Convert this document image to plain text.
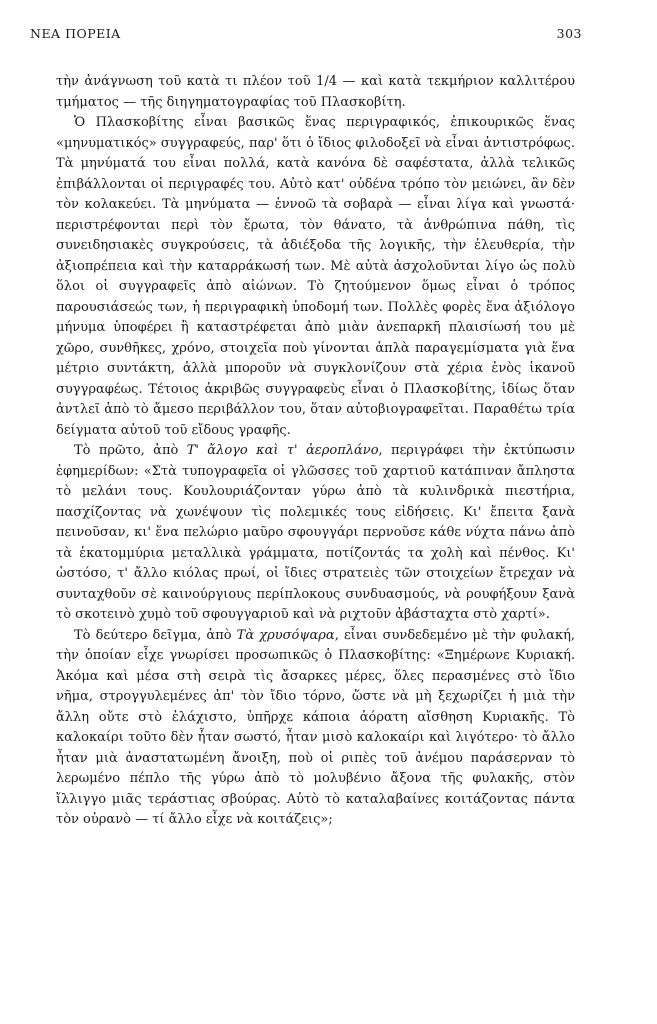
ΝΕΑ ΠΟΡΕΙΑ	303

τὴν ἀνάγνωση τοῦ κατὰ τι πλέον τοῦ 1/4 — καὶ κατὰ τεκμήριον καλλιτέρου τμήματος — τῆς διηγηματογραφίας τοῦ Πλασκοβίτη.

Ὁ Πλασκοβίτης εἶναι βασικῶς ἕνας περιγραφικός, ἐπικουρικῶς ἕνας «μηνυματικός» συγγραφεύς, παρ' ὅτι ὁ ἴδιος φιλοδοξεῖ νὰ εἶναι ἀντιστρόφως. Τὰ μηνύματά του εἶναι πολλά, κατὰ κανόνα δὲ σαφέστατα, ἀλλὰ τελικῶς ἐπιβάλλονται οἱ περιγραφές του. Αὐτὸ κατ' οὐδένα τρόπο τὸν μειώνει, ἂν δὲν τὸν κολακεύει. Τὰ μηνύματα — ἐννοῶ τὰ σοβαρὰ — εἶναι λίγα καὶ γνωστά· περιστρέφονται περὶ τὸν ἔρωτα, τὸν θάνατο, τὰ ἀνθρώπινα πάθη, τὶς συνειδησιακὲς συγκρούσεις, τὰ ἀδιέξοδα τῆς λογικῆς, τὴν ἐλευθερία, τὴν ἀξιοπρέπεια καὶ τὴν καταρράκωσή των. Μὲ αὐτὰ ἀσχολοῦνται λίγο ὡς πολὺ ὅλοι οἱ συγγραφεῖς ἀπὸ αἰώνων. Τὸ ζητούμενον ὅμως εἶναι ὁ τρόπος παρουσιάσεώς των, ἡ περιγραφικὴ ὑποδομή των. Πολλὲς φορὲς ἕνα ἀξιόλογο μήνυμα ὑποφέρει ἢ καταστρέφεται ἀπὸ μιὰν ἀνεπαρκῆ πλαισίωσή του μὲ χῶρο, συνθῆκες, χρόνο, στοιχεῖα ποὺ γίνονται ἁπλὰ παραγεμίσματα γιὰ ἕνα μέτριο συντάκτη, ἀλλὰ μποροῦν νὰ συγκλονίζουν στὰ χέρια ἑνὸς ἱκανοῦ συγγραφέως. Τέτοιος ἀκριβῶς συγγραφεὺς εἶναι ὁ Πλασκοβίτης, ἰδίως ὅταν ἀντλεῖ ἀπὸ τὸ ἄμεσο περιβάλλον του, ὅταν αὐτοβιογραφεῖται. Παραθέτω τρία δείγματα αὐτοῦ τοῦ εἴδους γραφῆς.

Τὸ πρῶτο, ἀπὸ Τ' ἄλογο καὶ τ' ἀεροπλάνο, περιγράφει τὴν ἐκτύπωσιν ἐφημερίδων: «Στὰ τυπογραφεῖα οἱ γλῶσσες τοῦ χαρτιοῦ κατάπιναν ἄπληστα τὸ μελάνι τους. Κουλουριάζονταν γύρω ἀπὸ τὰ κυλινδρικὰ πιεστήρια, πασχίζοντας νὰ χωνέψουν τὶς πολεμικές τους εἰδήσεις. Κι' ἔπειτα ξανὰ πεινοῦσαν, κι' ἕνα πελώριο μαῦρο σφουγγάρι περνοῦσε κάθε νύχτα πάνω ἀπὸ τὰ ἑκατομμύρια μεταλλικὰ γράμματα, ποτίζοντάς τα χολὴ καὶ πένθος. Κι' ὡστόσο, τ' ἄλλο κιόλας πρωί, οἱ ἴδιες στρατειὲς τῶν στοιχείων ἔτρεχαν νὰ συνταχθοῦν σὲ καινούργιους περίπλοκους συνδυασμούς, νὰ ρουφήξουν ξανὰ τὸ σκοτεινὸ χυμὸ τοῦ σφουγγαριοῦ καὶ νὰ ριχτοῦν ἀβάσταχτα στὸ χαρτί».

Τὸ δεύτερο δεῖγμα, ἀπὸ Τὰ χρυσόψαρα, εἶναι συνδεδεμένο μὲ τὴν φυλακή, τὴν ὁποίαν εἶχε γνωρίσει προσωπικῶς ὁ Πλασκοβίτης: «Ξημέρωνε Κυριακή. Ἀκόμα καὶ μέσα στὴ σειρὰ τὶς ἄσαρκες μέρες, ὅλες περασμένες στὸ ἴδιο νῆμα, στρογγυλεμένες ἀπ' τὸν ἴδιο τόρνο, ὥστε νὰ μὴ ξεχωρίζει ἡ μιὰ τὴν ἄλλη οὔτε στὸ ἐλάχιστο, ὑπῆρχε κάποια ἀόρατη αἴσθηση Κυριακῆς. Τὸ καλοκαίρι τοῦτο δὲν ἦταν σωστό, ἦταν μισὸ καλοκαίρι καὶ λιγότερο· τὸ ἄλλο ἦταν μιὰ ἀναστατωμένη ἄνοιξη, ποὺ οἱ ριπὲς τοῦ ἀνέμου παράσερναν τὸ λερωμένο πέπλο τῆς γύρω ἀπὸ τὸ μολυβένιο ἄξονα τῆς φυλακῆς, στὸν ἴλλιγγο μιᾶς τεράστιας σβούρας. Αὐτὸ τὸ καταλαβαίνες κοιτάζοντας πάντα τὸν οὐρανὸ — τί ἄλλο εἶχε νὰ κοιτάζεις»;
